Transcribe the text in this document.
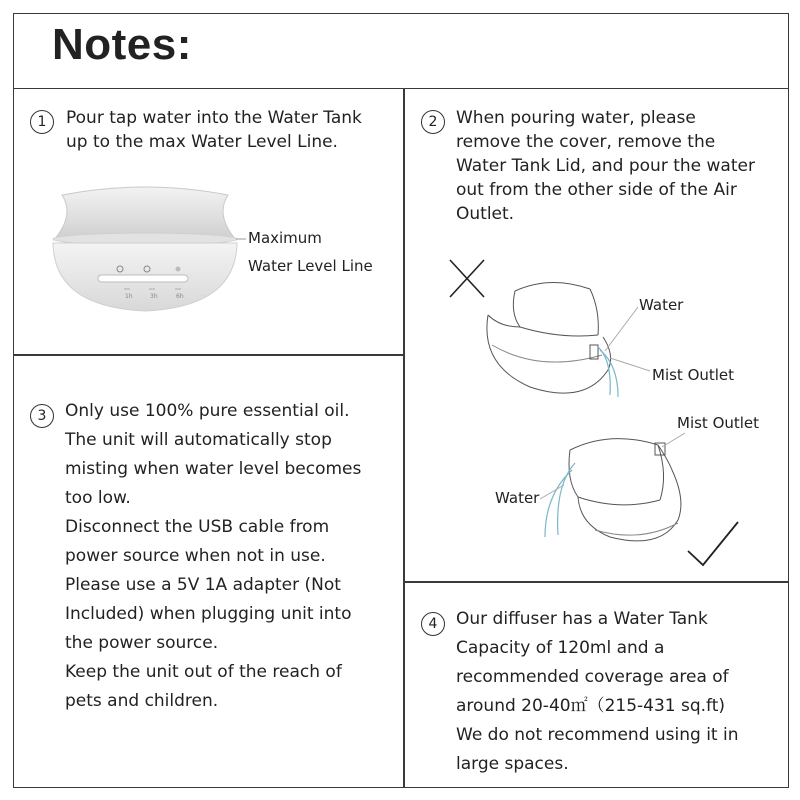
Notes:
1	Pour tap water into the Water Tank

up to the max Water Level Line.

1h	3h	6h
Maximum
Water Level Line
2	When pouring water, please

remove the cover, remove the

Water Tank Lid, and pour the water

out from the other side of the Air

Outlet.

Water
Mist Outlet
Mist Outlet
Water
3	Only use 100% pure essential oil.

The unit will automatically stop

misting when water level becomes

too low.

Disconnect the USB cable from

power source when not in use.

Please use a 5V 1A adapter (Not

Included) when plugging unit into

the power source.

Keep the unit out of the reach of

pets and children.

4	Our diffuser has a Water Tank

Capacity of 120ml and a

recommended coverage area of

around 20-40㎡（215-431 sq.ft)

We do not recommend using it in

large spaces.
